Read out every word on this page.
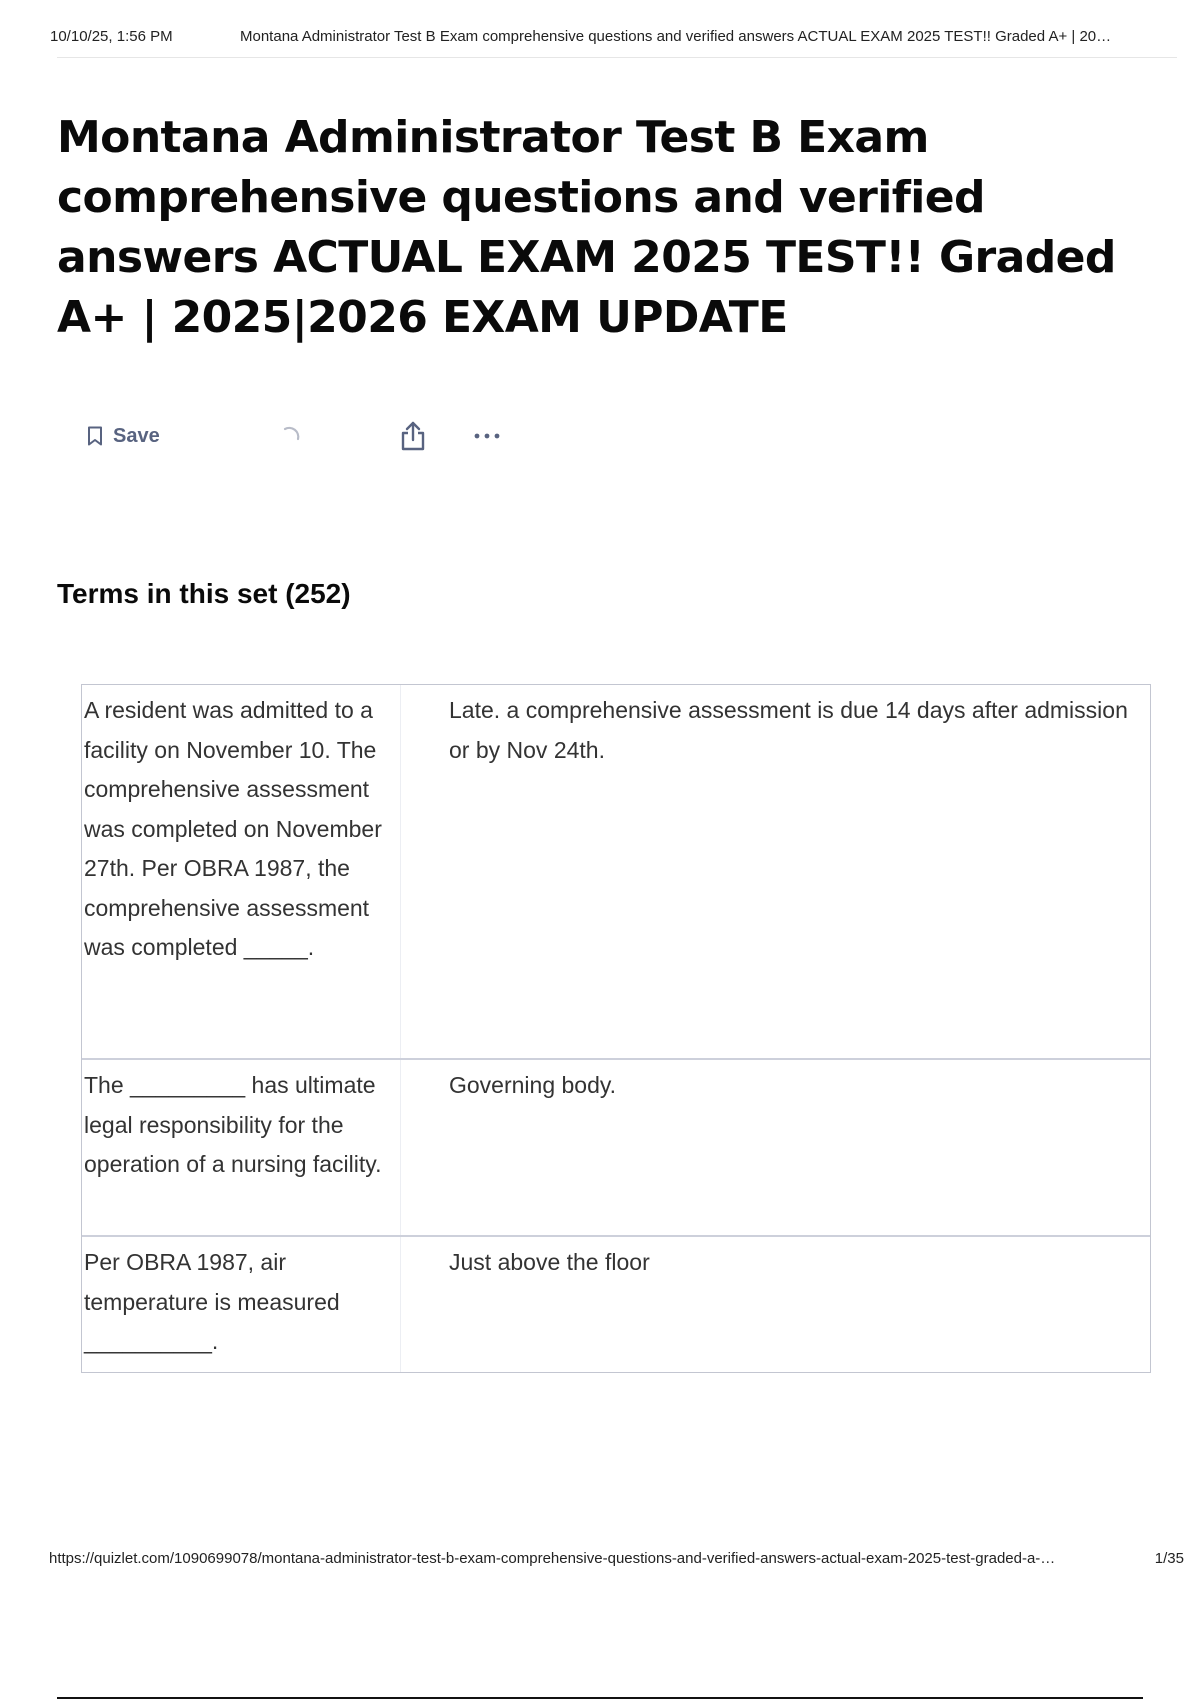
10/10/25, 1:56 PM	Montana Administrator Test B Exam comprehensive questions and verified answers ACTUAL EXAM 2025 TEST!! Graded A+ | 20…
Montana Administrator Test B Exam comprehensive questions and verified answers ACTUAL EXAM 2025 TEST!! Graded A+ | 2025|2026 EXAM UPDATE
Save
Terms in this set (252)
A resident was admitted to a facility on November 10. The comprehensive assessment was completed on November 27th. Per OBRA 1987, the comprehensive assessment was completed _____.
Late. a comprehensive assessment is due 14 days after admission or by Nov 24th.
The _________ has ultimate legal responsibility for the operation of a nursing facility.
Governing body.
Per OBRA 1987, air temperature is measured __________.
Just above the floor
https://quizlet.com/1090699078/montana-administrator-test-b-exam-comprehensive-questions-and-verified-answers-actual-exam-2025-test-graded-a-…	1/35
